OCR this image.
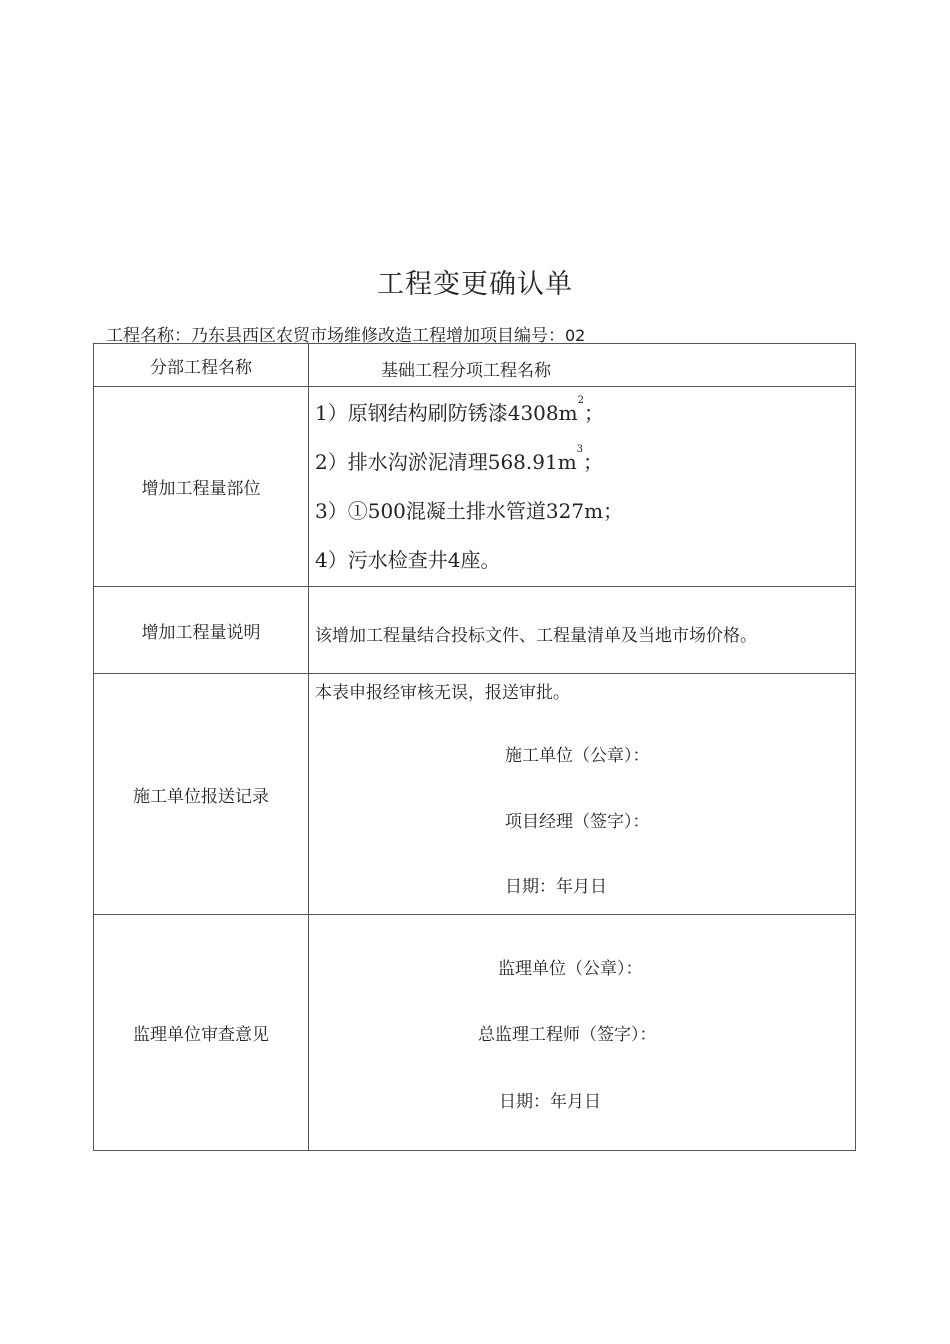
工程变更确认单
工程名称：乃东县西区农贸市场维修改造工程增加项目编号：02
分部工程名称	基础工程分项工程名称
增加工程量部位
1）原钢结构刷防锈漆$4308m^2$；
2）排水沟淤泥清理$568.91m^3$；
3）①500混凝土排水管道327m；
4）污水检查井4座。
增加工程量说明	该增加工程量结合投标文件、工程量清单及当地市场价格。
施工单位报送记录
本表申报经审核无误，报送审批。
施工单位（公章）：
项目经理（签字）：
日期：年月日
监理单位审查意见
监理单位（公章）：
总监理工程师（签字）：
日期：年月日
